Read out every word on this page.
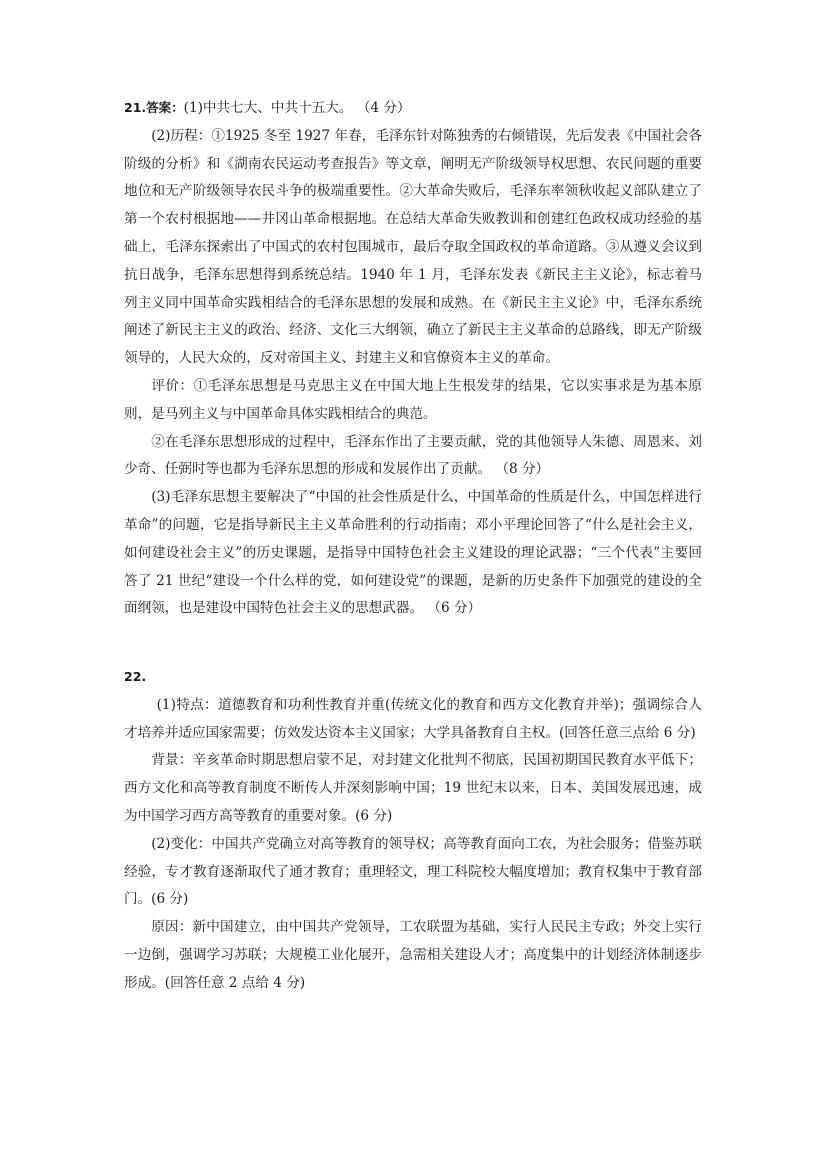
21.答案：(1)中共七大、中共十五大。 （4 分）

(2)历程：①1925 冬至 1927 年春，毛泽东针对陈独秀的右倾错误，先后发表《中国社会各阶级的分析》和《湖南农民运动考查报告》等文章，阐明无产阶级领导权思想、农民问题的重要地位和无产阶级领导农民斗争的极端重要性。②大革命失败后，毛泽东率领秋收起义部队建立了第一个农村根据地——井冈山革命根据地。在总结大革命失败教训和创建红色政权成功经验的基础上，毛泽东探索出了中国式的农村包围城市，最后夺取全国政权的革命道路。③从遵义会议到抗日战争，毛泽东思想得到系统总结。1940 年 1 月，毛泽东发表《新民主主义论》，标志着马列主义同中国革命实践相结合的毛泽东思想的发展和成熟。在《新民主主义论》中，毛泽东系统阐述了新民主主义的政治、经济、文化三大纲领，确立了新民主主义革命的总路线，即无产阶级领导的，人民大众的，反对帝国主义、封建主义和官僚资本主义的革命。

评价：①毛泽东思想是马克思主义在中国大地上生根发芽的结果，它以实事求是为基本原则，是马列主义与中国革命具体实践相结合的典范。

②在毛泽东思想形成的过程中，毛泽东作出了主要贡献，党的其他领导人朱德、周恩来、刘少奇、任弼时等也都为毛泽东思想的形成和发展作出了贡献。 （8 分）

(3)毛泽东思想主要解决了“中国的社会性质是什么，中国革命的性质是什么，中国怎样进行革命”的问题，它是指导新民主主义革命胜利的行动指南；邓小平理论回答了“什么是社会主义，如何建设社会主义”的历史课题，是指导中国特色社会主义建设的理论武器；“三个代表”主要回答了 21 世纪“建设一个什么样的党，如何建设党”的课题，是新的历史条件下加强党的建设的全面纲领，也是建设中国特色社会主义的思想武器。 （6 分）

22.

(1)特点：道德教育和功利性教育并重(传统文化的教育和西方文化教育并举)；强调综合人才培养并适应国家需要；仿效发达资本主义国家；大学具备教育自主权。(回答任意三点给 6 分)

背景：辛亥革命时期思想启蒙不足，对封建文化批判不彻底，民国初期国民教育水平低下；西方文化和高等教育制度不断传人并深刻影响中国；19 世纪末以来，日本、美国发展迅速，成为中国学习西方高等教育的重要对象。(6 分)

(2)变化：中国共产党确立对高等教育的领导权；高等教育面向工农，为社会服务；借鉴苏联经验，专才教育逐渐取代了通才教育；重理轻文，理工科院校大幅度增加；教育权集中于教育部门。(6 分)

原因：新中国建立，由中国共产党领导，工农联盟为基础，实行人民民主专政；外交上实行一边倒，强调学习苏联；大规模工业化展开，急需相关建设人才；高度集中的计划经济体制逐步形成。(回答任意 2 点给 4 分)
